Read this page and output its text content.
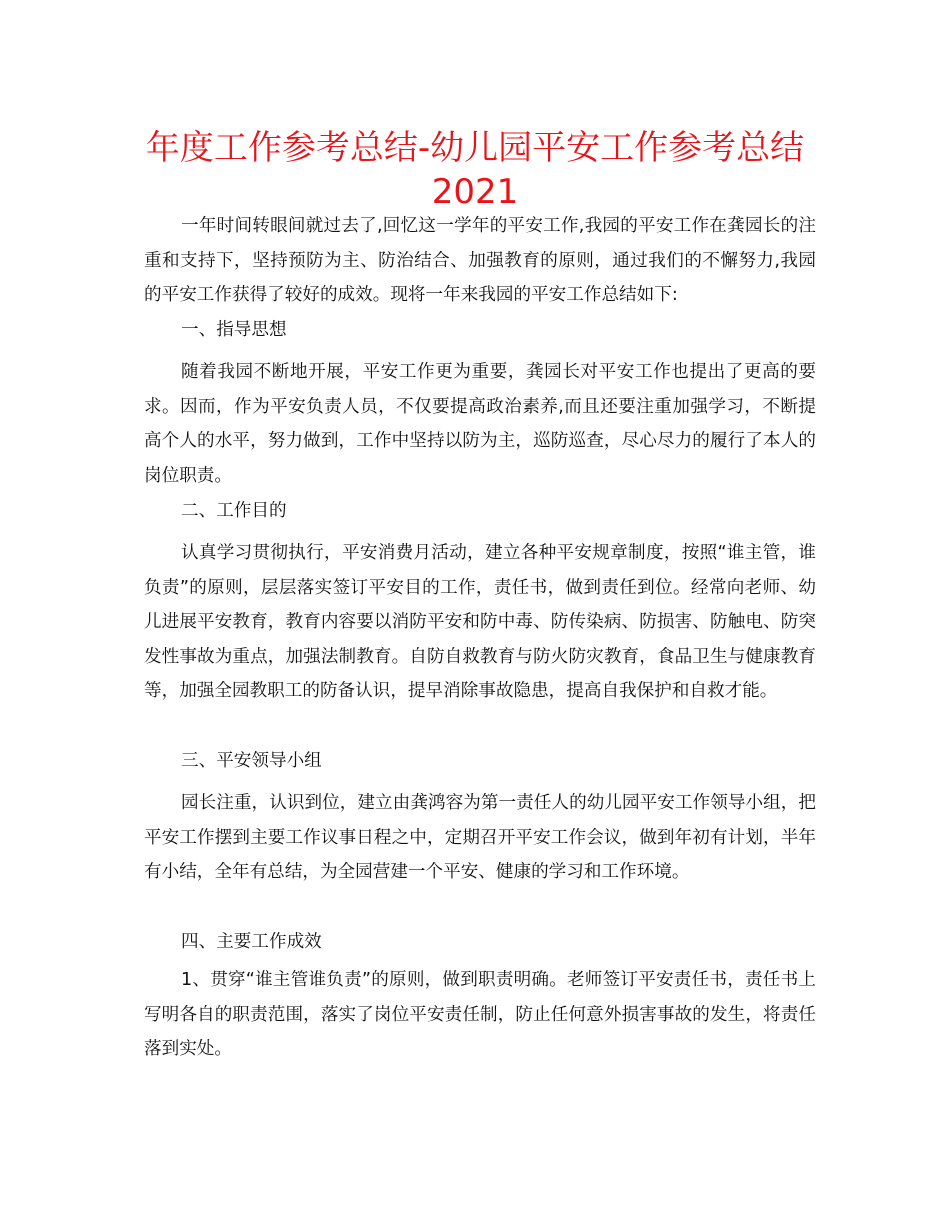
年度工作参考总结-幼儿园平安工作参考总结
2021

一年时间转眼间就过去了,回忆这一学年的平安工作,我园的平安工作在龚园长的注重和支持下，坚持预防为主、防治结合、加强教育的原则，通过我们的不懈努力,我园的平安工作获得了较好的成效。现将一年来我园的平安工作总结如下:

一、指导思想

随着我园不断地开展，平安工作更为重要，龚园长对平安工作也提出了更高的要求。因而，作为平安负责人员，不仅要提高政治素养,而且还要注重加强学习，不断提高个人的水平，努力做到，工作中坚持以防为主，巡防巡查，尽心尽力的履行了本人的岗位职责。

二、工作目的

认真学习贯彻执行，平安消费月活动，建立各种平安规章制度，按照“谁主管，谁负责”的原则，层层落实签订平安目的工作，责任书，做到责任到位。经常向老师、幼儿进展平安教育，教育内容要以消防平安和防中毒、防传染病、防损害、防触电、防突发性事故为重点，加强法制教育。自防自救教育与防火防灾教育，食品卫生与健康教育等，加强全园教职工的防备认识，提早消除事故隐患，提高自我保护和自救才能。

三、平安领导小组

园长注重，认识到位，建立由龚鸿容为第一责任人的幼儿园平安工作领导小组，把平安工作摆到主要工作议事日程之中，定期召开平安工作会议，做到年初有计划，半年有小结，全年有总结，为全园营建一个平安、健康的学习和工作环境。

四、主要工作成效

1、贯穿“谁主管谁负责”的原则，做到职责明确。老师签订平安责任书，责任书上写明各自的职责范围，落实了岗位平安责任制，防止任何意外损害事故的发生，将责任落到实处。
